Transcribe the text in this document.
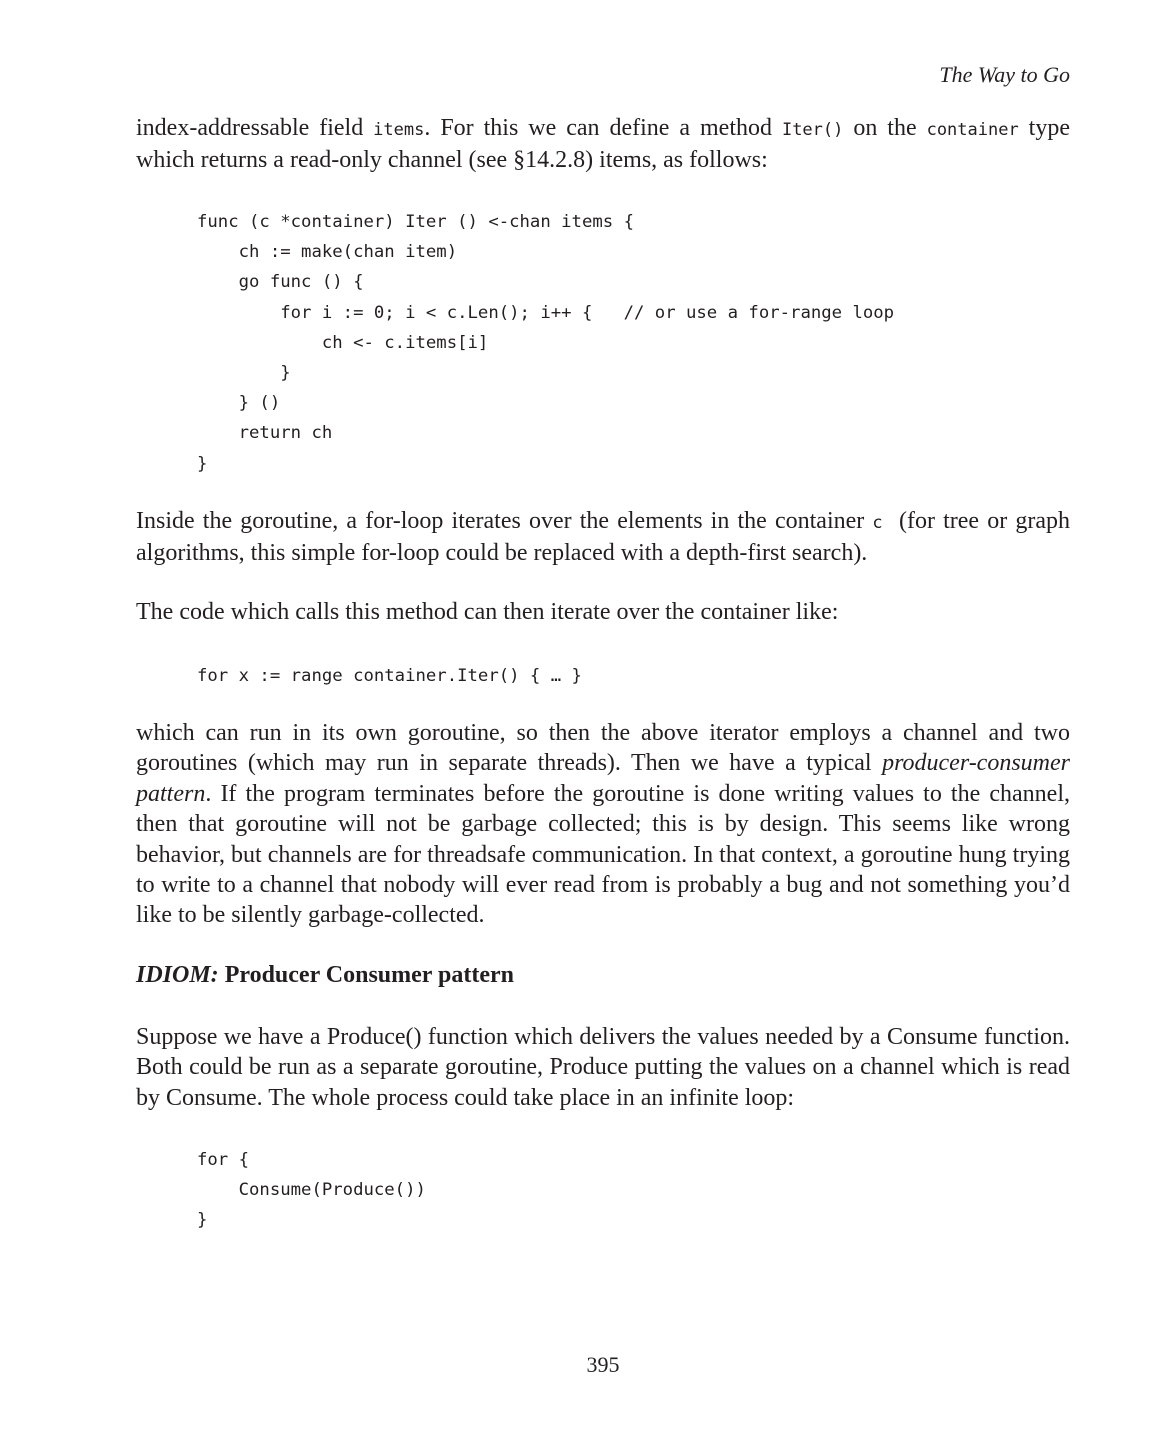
The Way to Go

index-addressable field items. For this we can define a method Iter() on the container type which returns a read-only channel (see §14.2.8) items, as follows:

func (c *container) Iter () <-chan items {
ch := make(chan item)
go func () {
for i := 0; i < c.Len(); i++ {   // or use a for-range loop
ch <- c.items[i]
}
} ()
return ch
}

Inside the goroutine, a for-loop iterates over the elements in the container c  (for tree or graph algorithms, this simple for-loop could be replaced with a depth-first search).

The code which calls this method can then iterate over the container like:

for x := range container.Iter() { … }

which can run in its own goroutine, so then the above iterator employs a channel and two goroutines (which may run in separate threads). Then we have a typical producer-consumer pattern. If the program terminates before the goroutine is done writing values to the channel, then that goroutine will not be garbage collected; this is by design. This seems like wrong behavior, but channels are for threadsafe communication. In that context, a goroutine hung trying to write to a channel that nobody will ever read from is probably a bug and not something you’d like to be silently garbage-collected.

IDIOM: Producer Consumer pattern

Suppose we have a Produce() function which delivers the values needed by a Consume function. Both could be run as a separate goroutine, Produce putting the values on a channel which is read by Consume. The whole process could take place in an infinite loop:

for {
Consume(Produce())
}
395
